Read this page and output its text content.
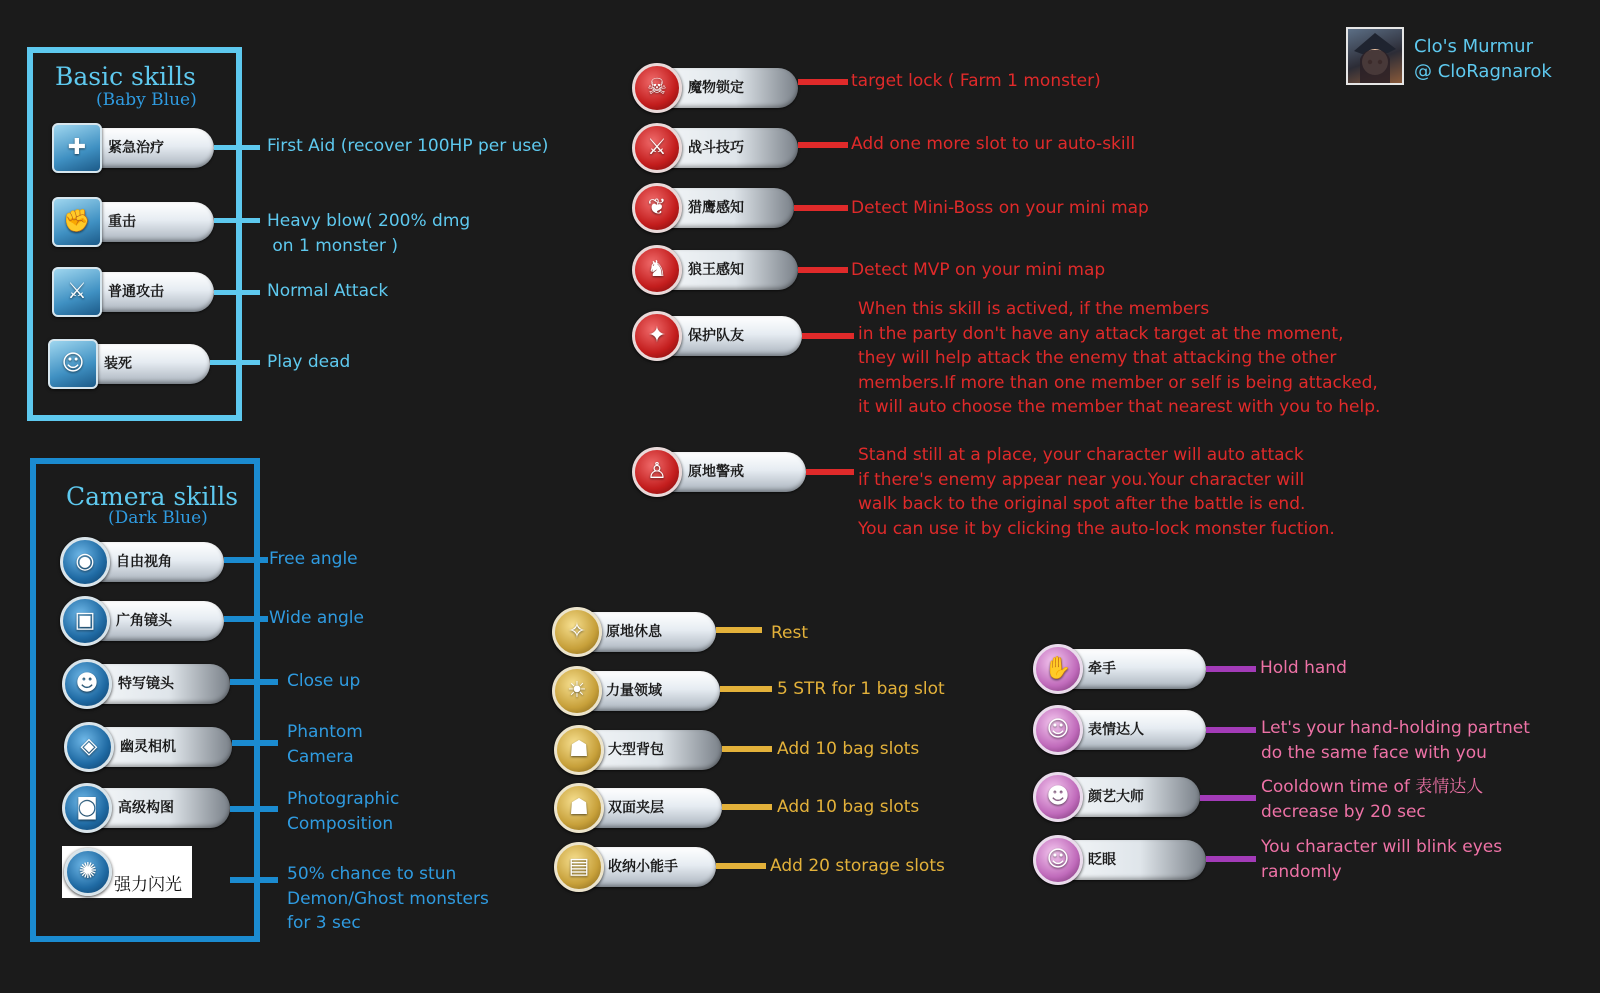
Clo's Murmur
@ CloRagnarok
Basic skills
(Baby Blue)
紧急治疗
✚	First Aid (recover 100HP per use)
重击
✊	Heavy blow( 200% dmg
on 1 monster )
普通攻击
⚔	Normal Attack
装死
☺	Play dead
Camera skills
(Dark Blue)
自由视角
◉	Free angle
广角镜头
▣	Wide angle
特写镜头
☻	Close up
幽灵相机
◈
Phantom
Camera
高级构图
◙	Photographic
Composition
✺
强力闪光
50% chance to stun
Demon/Ghost monsters
for 3 sec
魔物锁定
☠	target lock ( Farm 1 monster)
战斗技巧
⚔	Add one more slot to ur auto-skill
猎鹰感知
❦	Detect Mini-Boss on your mini map
狼王感知
♞	Detect MVP on your mini map
保护队友
✦
When this skill is actived, if the members
in the party don't have any attack target at the moment,
they will help attack the enemy that attacking the other
members.If more than one member or self is being attacked,
it will auto choose the member that nearest with you to help.
原地警戒
♙
Stand still at a place, your character will auto attack
if there's enemy appear near you.Your character will
walk back to the original spot after the battle is end.
You can use it by clicking the auto-lock monster fuction.
原地休息
✧	Rest
力量领域
☀	5 STR for 1 bag slot
大型背包
☗	Add 10 bag slots
双面夹层
☗	Add 10 bag slots
收纳小能手
▤	Add 20 storage slots
牵手
✋	Hold hand
表情达人
☺	Let's your hand-holding partnet
do the same face with you
颜艺大师
☻	Cooldown time of 表情达人
decrease by 20 sec
眨眼
☺	You character will blink eyes
randomly
